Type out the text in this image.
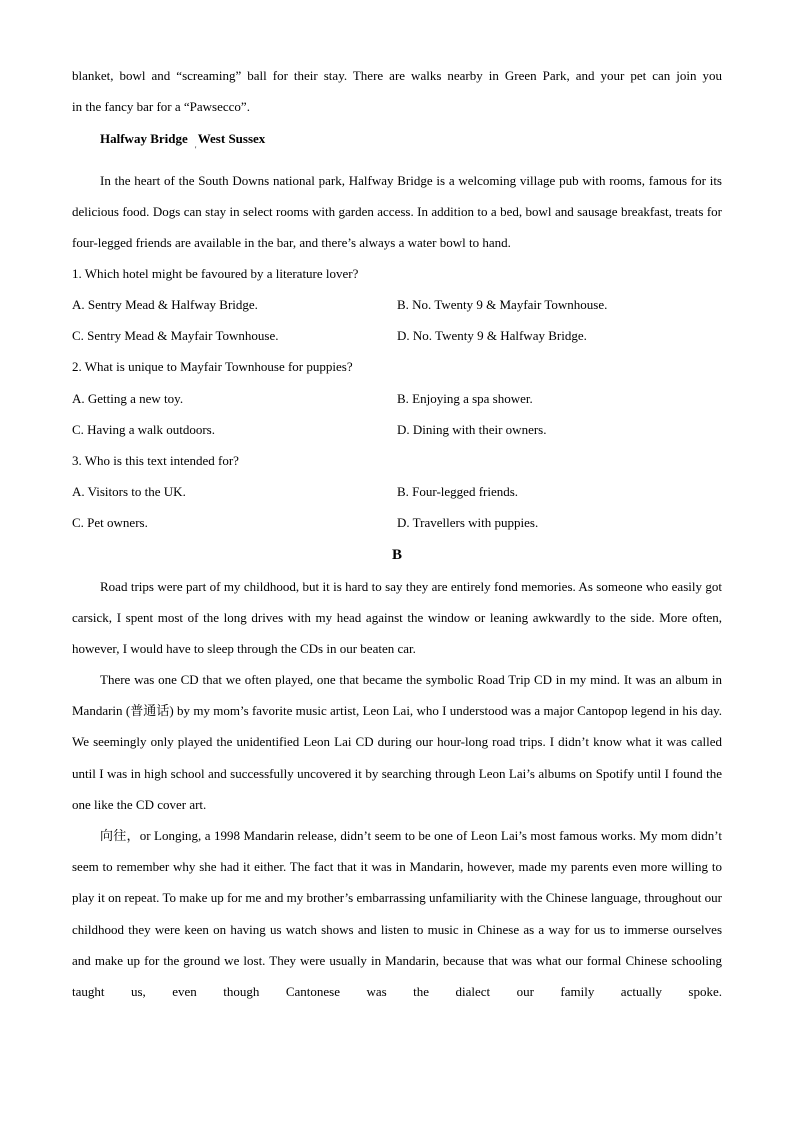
blanket, bowl and “screaming” ball for their stay. There are walks nearby in Green Park, and your pet can join you

in the fancy bar for a “Pawsecco”.

Halfway Bridge West Sussex
'

In the heart of the South Downs national park, Halfway Bridge is a welcoming village pub with rooms, famous for its delicious food. Dogs can stay in select rooms with garden access. In addition to a bed, bowl and sausage breakfast, treats for four-legged friends are available in the bar, and there’s always a water bowl to hand.

1. Which hotel might be favoured by a literature lover?
A. Sentry Mead & Halfway Bridge.	B. No. Twenty 9 & Mayfair Townhouse.
C. Sentry Mead & Mayfair Townhouse.	D. No. Twenty 9 & Halfway Bridge.
2. What is unique to Mayfair Townhouse for puppies?
A. Getting a new toy.	B. Enjoying a spa shower.
C. Having a walk outdoors.	D. Dining with their owners.
3. Who is this text intended for?
A. Visitors to the UK.	B. Four-legged friends.
C. Pet owners.	D. Travellers with puppies.
B

Road trips were part of my childhood, but it is hard to say they are entirely fond memories. As someone who easily got carsick, I spent most of the long drives with my head against the window or leaning awkwardly to the side. More often, however, I would have to sleep through the CDs in our beaten car.

There was one CD that we often played, one that became the symbolic Road Trip CD in my mind. It was an album in Mandarin (普通话) by my mom’s favorite music artist, Leon Lai, who I understood was a major Cantopop legend in his day. We seemingly only played the unidentified Leon Lai CD during our hour-long road trips. I didn’t know what it was called until I was in high school and successfully uncovered it by searching through Leon Lai’s albums on Spotify until I found the one like the CD cover art.

向往，or Longing, a 1998 Mandarin release, didn’t seem to be one of Leon Lai’s most famous works. My mom didn’t seem to remember why she had it either. The fact that it was in Mandarin, however, made my parents even more willing to play it on repeat. To make up for me and my brother’s embarrassing unfamiliarity with the Chinese language, throughout our childhood they were keen on having us watch shows and listen to music in Chinese as a way for us to immerse ourselves and make up for the ground we lost. They were usually in Mandarin, because that was what our formal Chinese schooling taught us, even though Cantonese was the dialect our family actually spoke.
